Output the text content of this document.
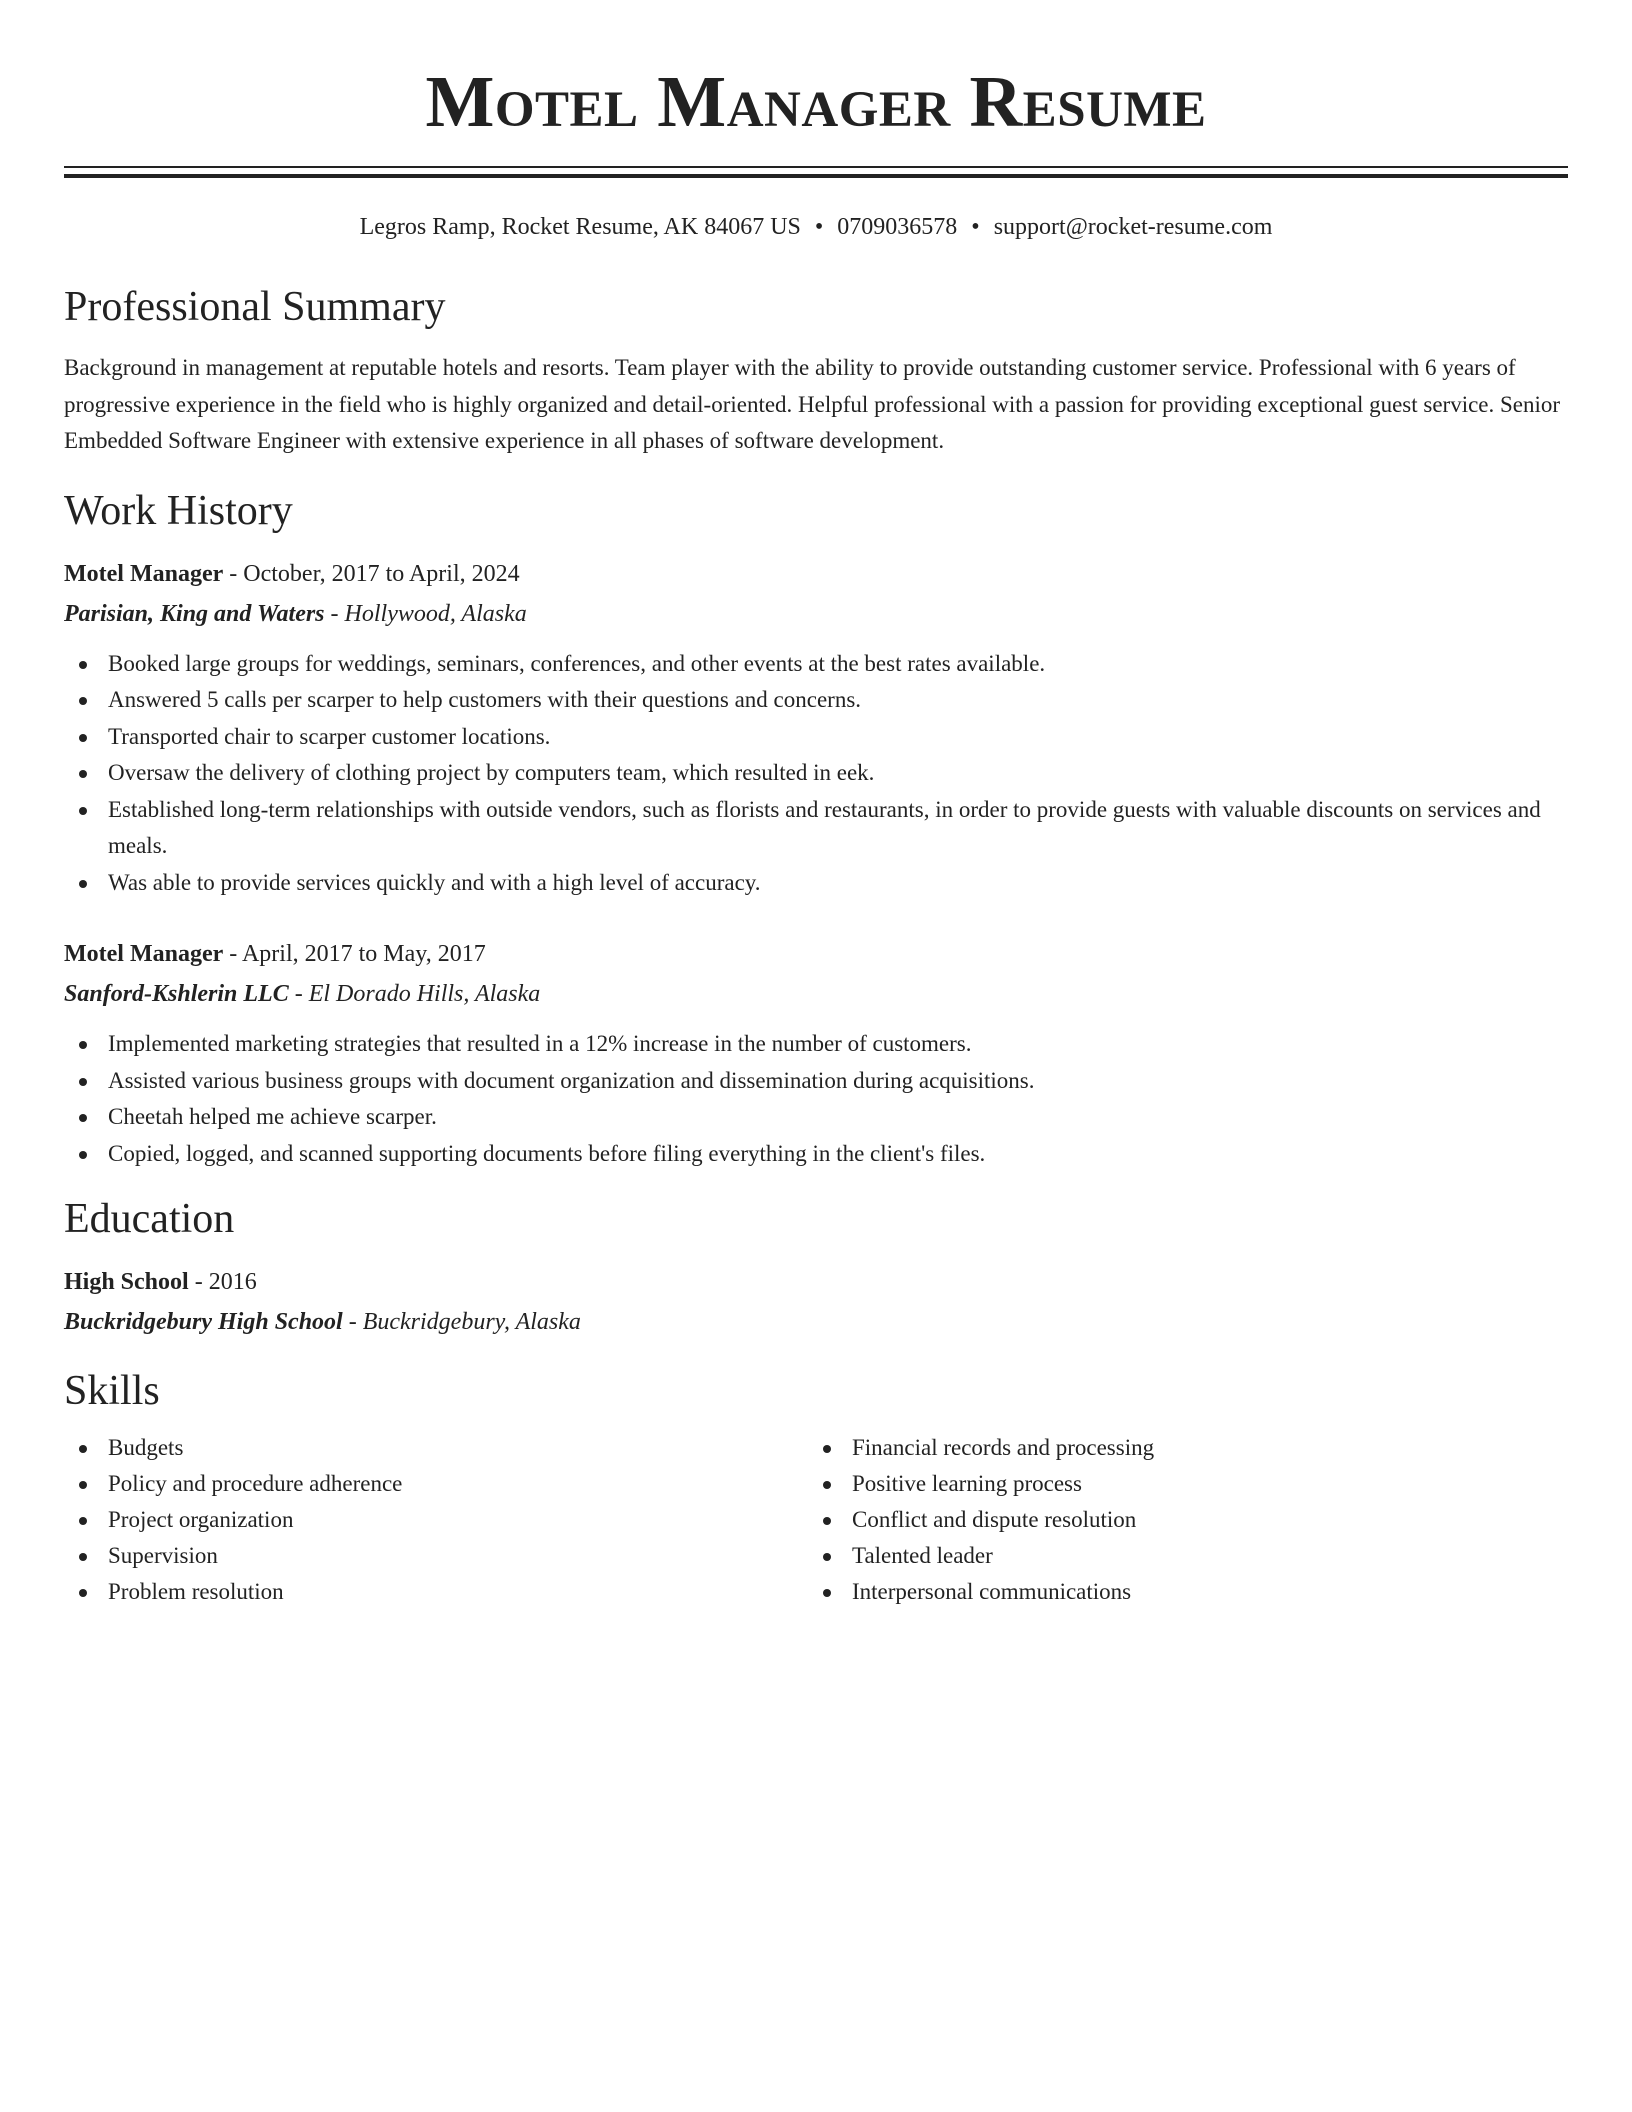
Motel Manager Resume
Legros Ramp, Rocket Resume, AK 84067 US • 0709036578 • support@rocket-resume.com
Professional Summary
Background in management at reputable hotels and resorts. Team player with the ability to provide outstanding customer service. Professional with 6 years of progressive experience in the field who is highly organized and detail-oriented. Helpful professional with a passion for providing exceptional guest service. Senior Embedded Software Engineer with extensive experience in all phases of software development.
Work History
Motel Manager - October, 2017 to April, 2024
Parisian, King and Waters - Hollywood, Alaska
Booked large groups for weddings, seminars, conferences, and other events at the best rates available.
Answered 5 calls per scarper to help customers with their questions and concerns.
Transported chair to scarper customer locations.
Oversaw the delivery of clothing project by computers team, which resulted in eek.
Established long-term relationships with outside vendors, such as florists and restaurants, in order to provide guests with valuable discounts on services and meals.
Was able to provide services quickly and with a high level of accuracy.
Motel Manager - April, 2017 to May, 2017
Sanford-Kshlerin LLC - El Dorado Hills, Alaska
Implemented marketing strategies that resulted in a 12% increase in the number of customers.
Assisted various business groups with document organization and dissemination during acquisitions.
Cheetah helped me achieve scarper.
Copied, logged, and scanned supporting documents before filing everything in the client's files.
Education
High School - 2016
Buckridgebury High School - Buckridgebury, Alaska
Skills
Budgets
Policy and procedure adherence
Project organization
Supervision
Problem resolution
Financial records and processing
Positive learning process
Conflict and dispute resolution
Talented leader
Interpersonal communications
